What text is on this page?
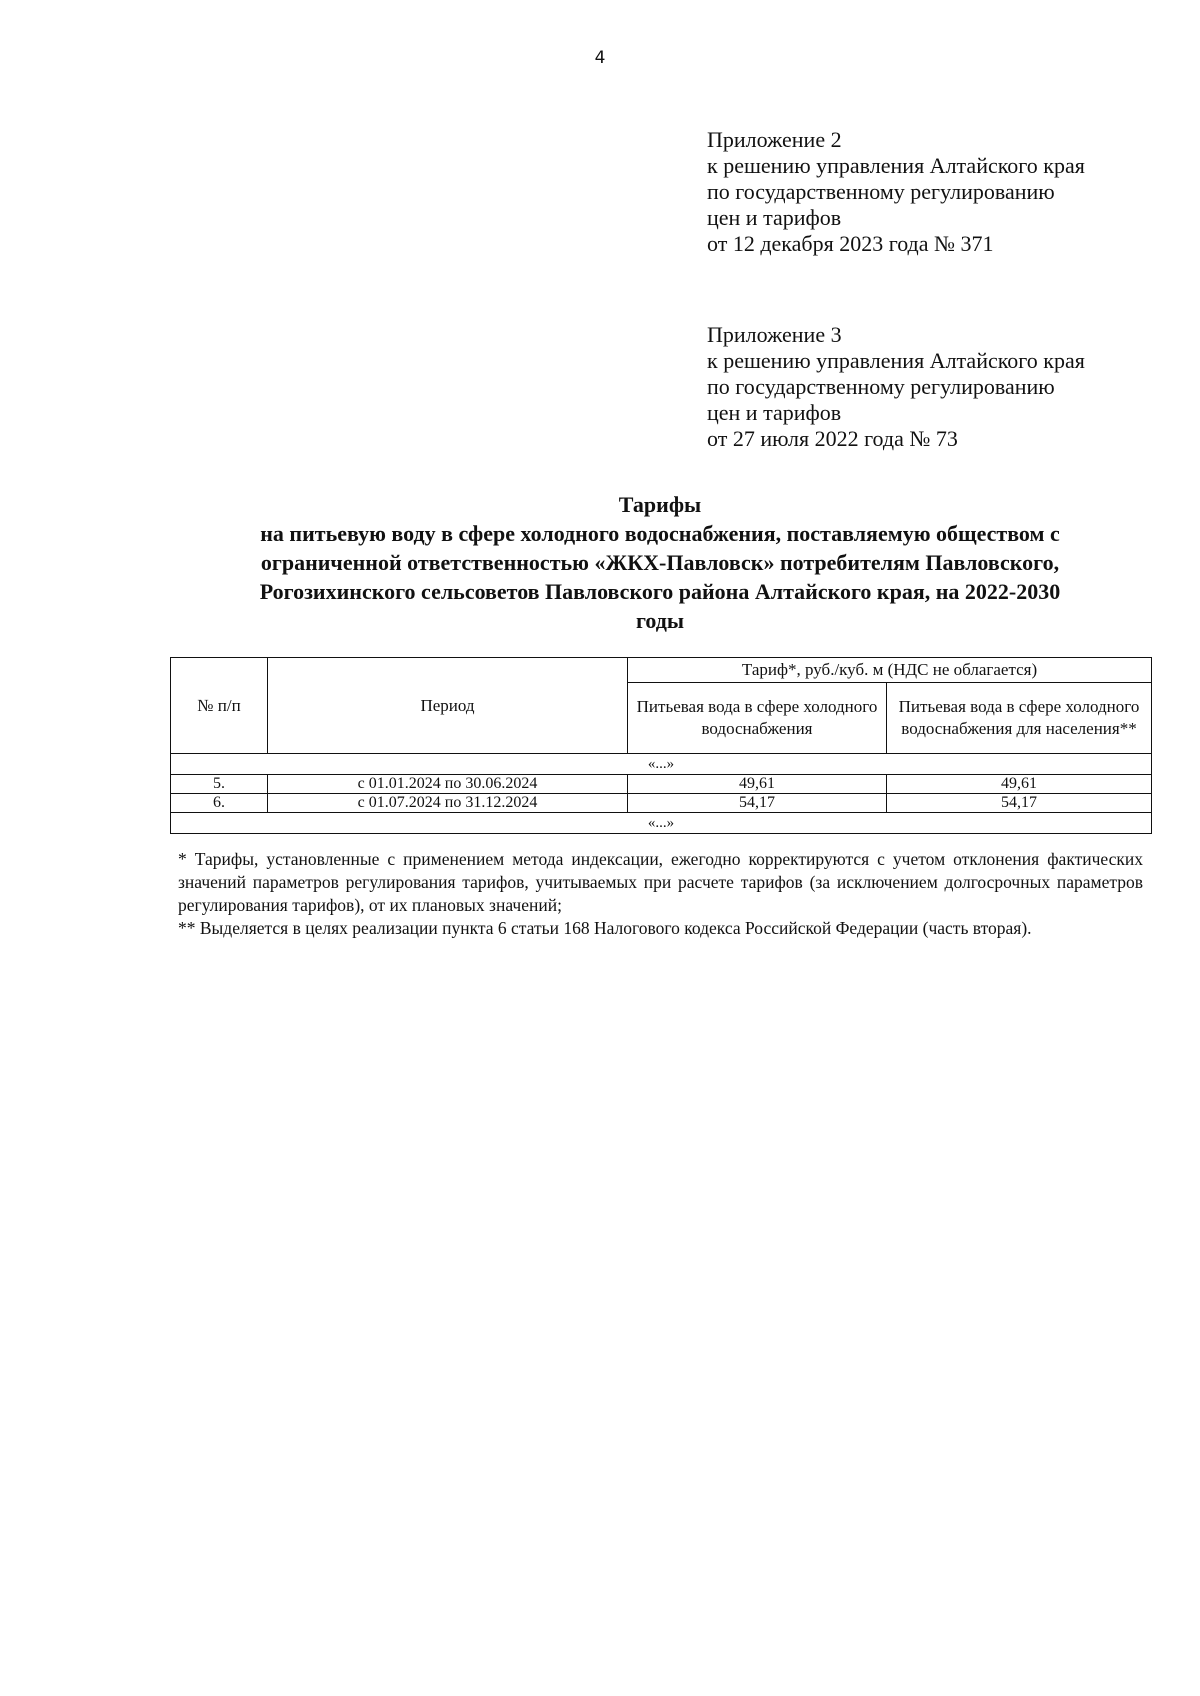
4
Приложение 2
к решению управления Алтайского края
по государственному регулированию
цен и тарифов
от 12 декабря 2023 года № 371
Приложение 3
к решению управления Алтайского края
по государственному регулированию
цен и тарифов
от 27 июля 2022 года № 73
Тарифы
на питьевую воду в сфере холодного водоснабжения, поставляемую обществом с
ограниченной ответственностью «ЖКХ-Павловск» потребителям Павловского,
Рогозихинского сельсоветов Павловского района Алтайского края, на 2022-2030
годы
№ п/п	Период	Тариф*, руб./куб. м (НДС не облагается)	
		Питьевая вода в сфере холодного водоснабжения	Питьевая вода в сфере холодного водоснабжения для населения**
«...»			
5.	с 01.01.2024 по 30.06.2024	49,61	49,61
6.	с 01.07.2024 по 31.12.2024	54,17	54,17
«...»			

* Тарифы, установленные с применением метода индексации, ежегодно корректируются с учетом отклонения фактических значений параметров регулирования тарифов, учитываемых при расчете тарифов (за исключением долгосрочных параметров регулирования тарифов), от их плановых значений;

** Выделяется в целях реализации пункта 6 статьи 168 Налогового кодекса Российской Федерации (часть вторая).
